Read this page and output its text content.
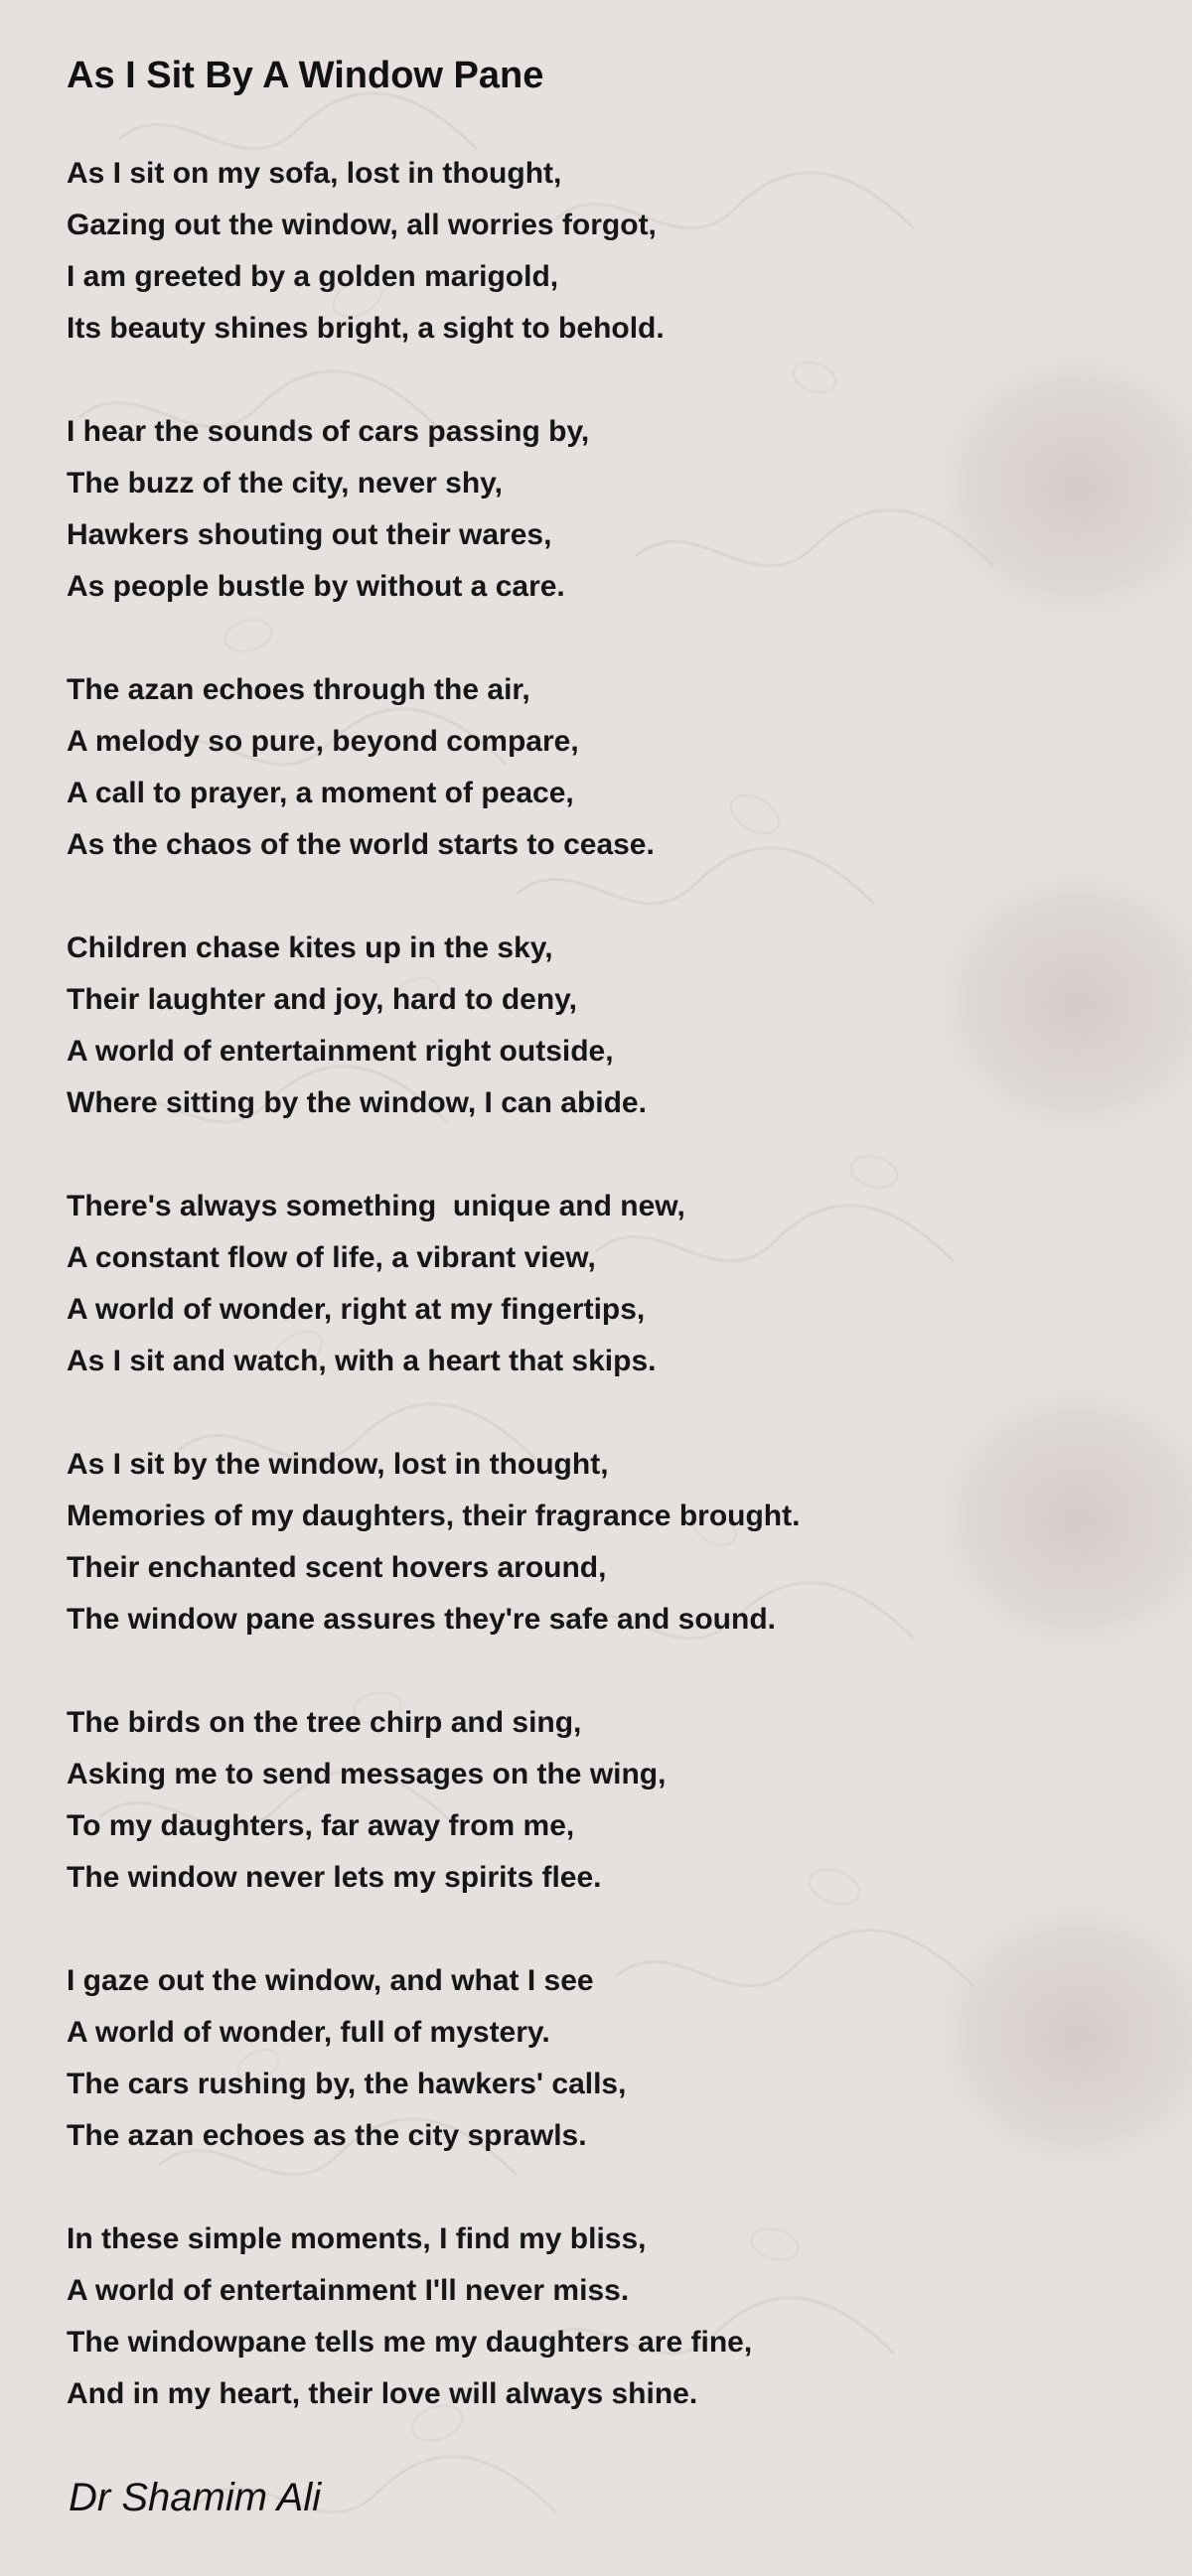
As I Sit By A Window Pane
As I sit on my sofa, lost in thought,
Gazing out the window, all worries forgot,
I am greeted by a golden marigold,
Its beauty shines bright, a sight to behold.
I hear the sounds of cars passing by,
The buzz of the city, never shy,
Hawkers shouting out their wares,
As people bustle by without a care.
The azan echoes through the air,
A melody so pure, beyond compare,
A call to prayer, a moment of peace,
As the chaos of the world starts to cease.
Children chase kites up in the sky,
Their laughter and joy, hard to deny,
A world of entertainment right outside,
Where sitting by the window, I can abide.
There's always something  unique and new,
A constant flow of life, a vibrant view,
A world of wonder, right at my fingertips,
As I sit and watch, with a heart that skips.
As I sit by the window, lost in thought,
Memories of my daughters, their fragrance brought.
Their enchanted scent hovers around,
The window pane assures they're safe and sound.
The birds on the tree chirp and sing,
Asking me to send messages on the wing,
To my daughters, far away from me,
The window never lets my spirits flee.
I gaze out the window, and what I see
A world of wonder, full of mystery.
The cars rushing by, the hawkers' calls,
The azan echoes as the city sprawls.
In these simple moments, I find my bliss,
A world of entertainment I'll never miss.
The windowpane tells me my daughters are fine,
And in my heart, their love will always shine.

Dr Shamim Ali
